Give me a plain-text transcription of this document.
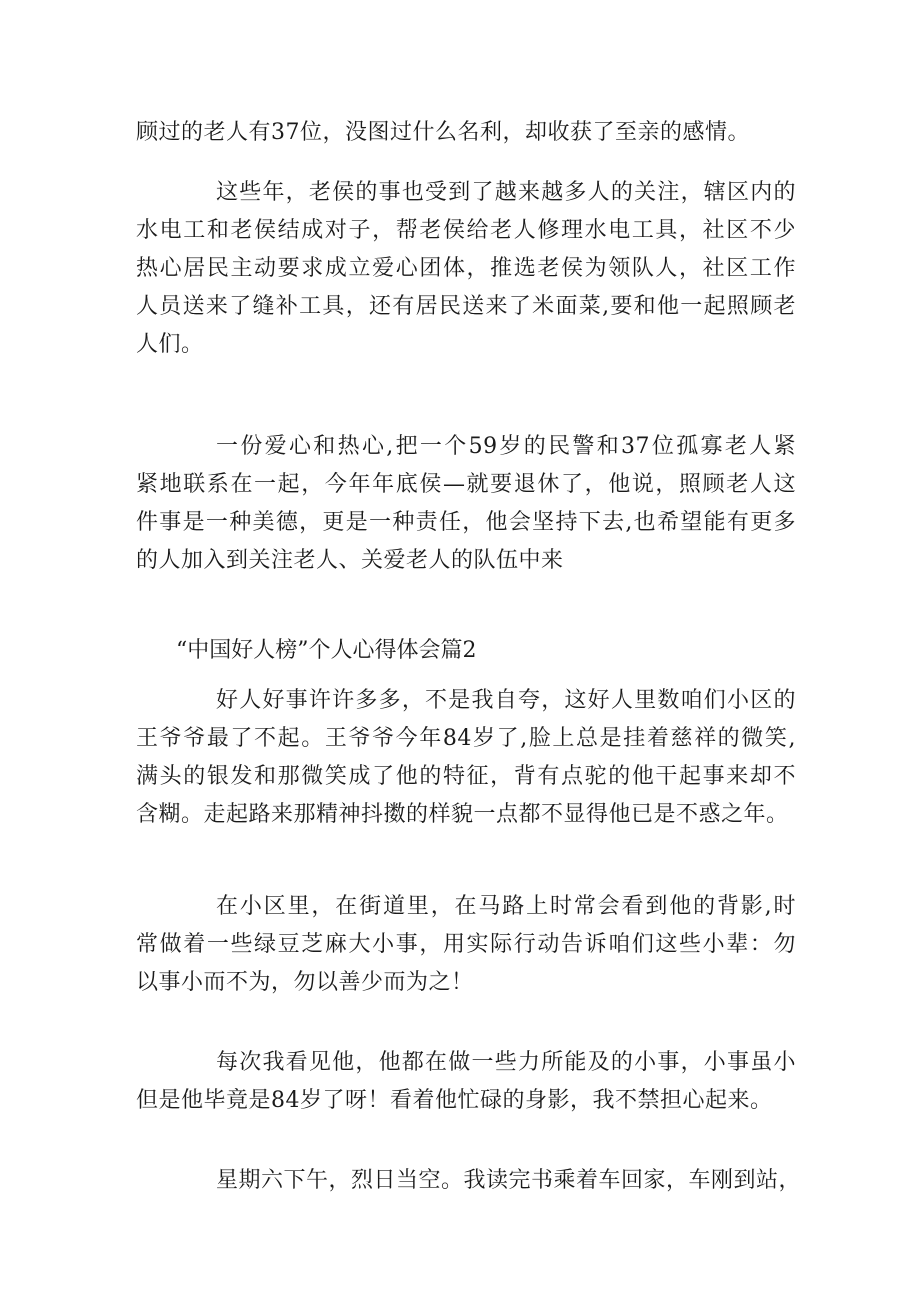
顾过的老人有37位，没图过什么名利，却收获了至亲的感情。

这些年，老侯的事也受到了越来越多人的关注，辖区内的
水电工和老侯结成对子，帮老侯给老人修理水电工具，社区不少
热心居民主动要求成立爱心团体，推选老侯为领队人，社区工作
人员送来了缝补工具，还有居民送来了米面菜,要和他一起照顾老
人们。

一份爱心和热心,把一个59岁的民警和37位孤寡老人紧
紧地联系在一起，今年年底侯—就要退休了，他说，照顾老人这
件事是一种美德，更是一种责任，他会坚持下去,也希望能有更多
的人加入到关注老人、关爱老人的队伍中来

“中国好人榜”个人心得体会篇2

好人好事许许多多，不是我自夸，这好人里数咱们小区的
王爷爷最了不起。王爷爷今年84岁了,脸上总是挂着慈祥的微笑,
满头的银发和那微笑成了他的特征，背有点驼的他干起事来却不
含糊。走起路来那精神抖擞的样貌一点都不显得他已是不惑之年。

在小区里，在街道里，在马路上时常会看到他的背影,时
常做着一些绿豆芝麻大小事，用实际行动告诉咱们这些小辈：勿
以事小而不为，勿以善少而为之！

每次我看见他，他都在做一些力所能及的小事，小事虽小
但是他毕竟是84岁了呀！看着他忙碌的身影，我不禁担心起来。

星期六下午，烈日当空。我读完书乘着车回家，车刚到站，
